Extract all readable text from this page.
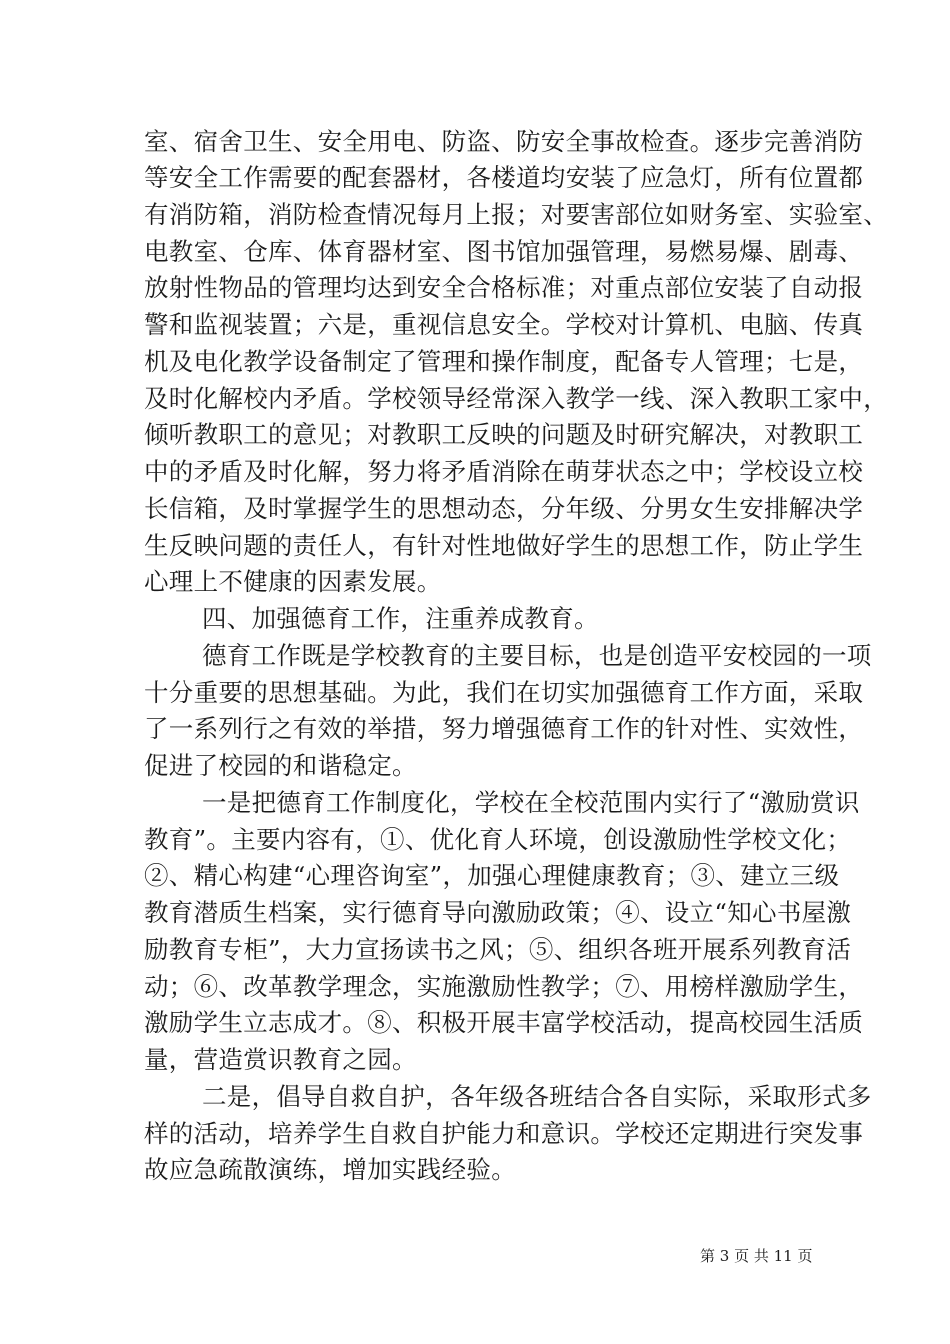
室、宿舍卫生、安全用电、防盗、防安全事故检查。逐步完善消防
等安全工作需要的配套器材，各楼道均安装了应急灯，所有位置都
有消防箱，消防检查情况每月上报；对要害部位如财务室、实验室、
电教室、仓库、体育器材室、图书馆加强管理，易燃易爆、剧毒、
放射性物品的管理均达到安全合格标准；对重点部位安装了自动报
警和监视装置；六是，重视信息安全。学校对计算机、电脑、传真
机及电化教学设备制定了管理和操作制度，配备专人管理；七是，
及时化解校内矛盾。学校领导经常深入教学一线、深入教职工家中，
倾听教职工的意见；对教职工反映的问题及时研究解决，对教职工
中的矛盾及时化解，努力将矛盾消除在萌芽状态之中；学校设立校
长信箱，及时掌握学生的思想动态，分年级、分男女生安排解决学
生反映问题的责任人，有针对性地做好学生的思想工作，防止学生
心理上不健康的因素发展。
四、加强德育工作，注重养成教育。
德育工作既是学校教育的主要目标，也是创造平安校园的一项
十分重要的思想基础。为此，我们在切实加强德育工作方面，采取
了一系列行之有效的举措，努力增强德育工作的针对性、实效性，
促进了校园的和谐稳定。
一是把德育工作制度化，学校在全校范围内实行了“激励赏识
教育”。主要内容有，①、优化育人环境，创设激励性学校文化；
②、精心构建“心理咨询室”，加强心理健康教育；③、建立三级
教育潜质生档案，实行德育导向激励政策；④、设立“知心书屋激
励教育专柜”，大力宣扬读书之风；⑤、组织各班开展系列教育活
动；⑥、改革教学理念，实施激励性教学；⑦、用榜样激励学生，
激励学生立志成才。⑧、积极开展丰富学校活动，提高校园生活质
量，营造赏识教育之园。
二是，倡导自救自护，各年级各班结合各自实际，采取形式多
样的活动，培养学生自救自护能力和意识。学校还定期进行突发事
故应急疏散演练，增加实践经验。
第 3 页 共 11 页
